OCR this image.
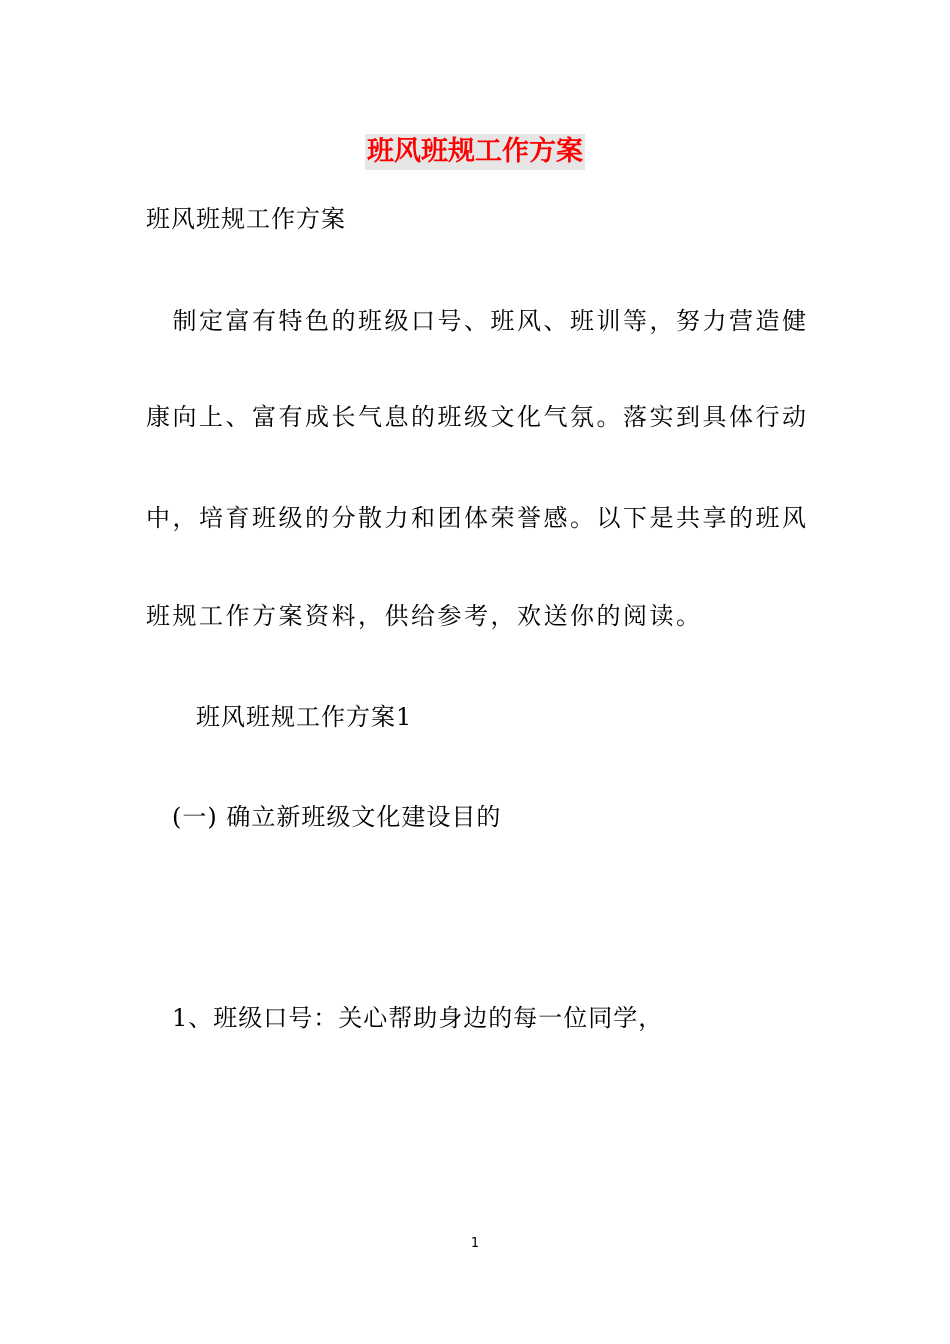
班风班规工作方案

班风班规工作方案

　制定富有特色的班级口号、班风、班训等，努力营造健

康向上、富有成长气息的班级文化气氛。落实到具体行动

中，培育班级的分散力和团体荣誉感。以下是共享的班风

班规工作方案资料，供给参考，欢送你的阅读。

班风班规工作方案1

(一) 确立新班级文化建设目的

1、班级口号：关心帮助身边的每一位同学，

1
